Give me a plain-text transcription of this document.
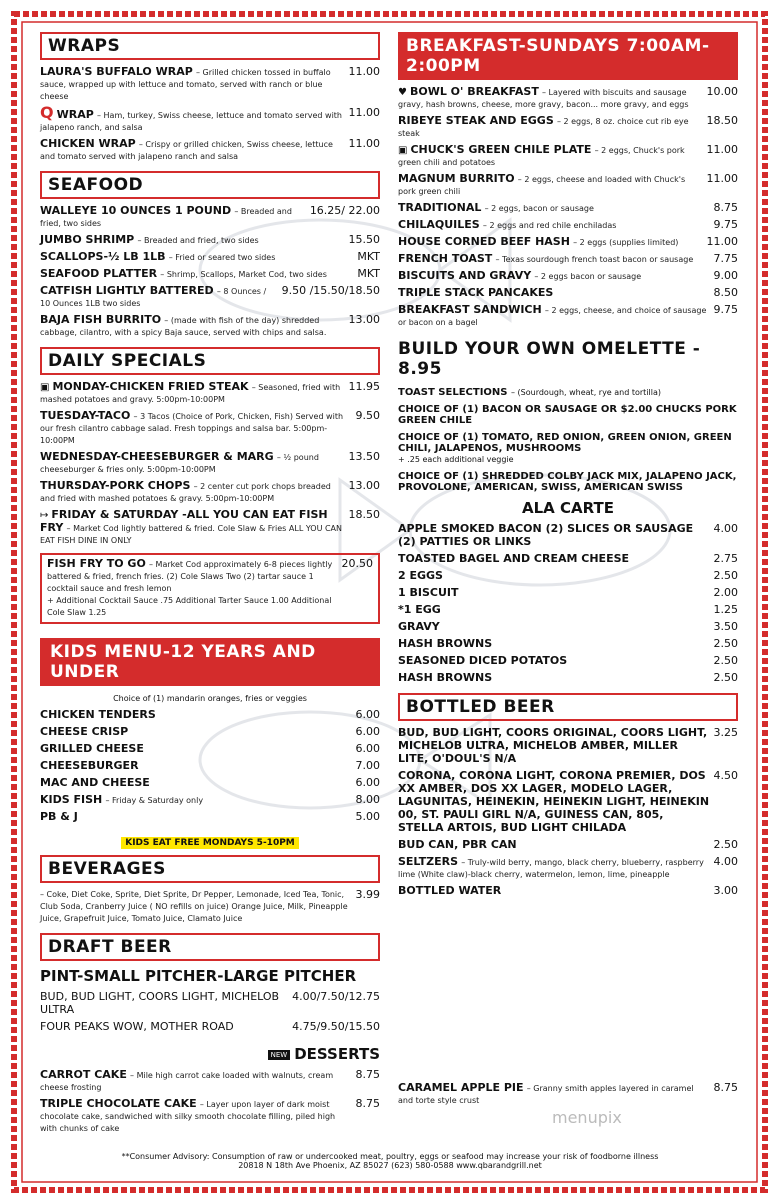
WRAPS
LAURA'S BUFFALO WRAP – Grilled chicken tossed in buffalo sauce, wrapped up with lettuce and tomato, served with ranch or blue cheese
11.00
Q WRAP – Ham, turkey, Swiss cheese, lettuce and tomato served with jalapeno ranch, and salsa
11.00
CHICKEN WRAP – Crispy or grilled chicken, Swiss cheese, lettuce and tomato served with jalapeno ranch and salsa
11.00
SEAFOOD
WALLEYE 10 OUNCES 1 POUND – Breaded and fried, two sides
16.25/ 22.00
JUMBO SHRIMP – Breaded and fried, two sides	15.50
SCALLOPS-½ LB 1LB – Fried or seared two sides	MKT
SEAFOOD PLATTER – Shrimp, Scallops, Market Cod, two sides	MKT
CATFISH LIGHTLY BATTERED – 8 Ounces / 10 Ounces 1LB two sides
9.50 /15.50/18.50
BAJA FISH BURRITO – (made with fish of the day) shredded cabbage, cilantro, with a spicy Baja sauce, served with chips and salsa.
13.00
DAILY SPECIALS
▣ MONDAY-CHICKEN FRIED STEAK – Seasoned, fried with mashed potatoes and gravy. 5:00pm-10:00PM
11.95
TUESDAY-TACO – 3 Tacos (Choice of Pork, Chicken, Fish) Served with our fresh cilantro cabbage salad. Fresh toppings and salsa bar. 5:00pm-10:00PM
9.50
WEDNESDAY-CHEESEBURGER & MARG – ½ pound cheeseburger & fries only. 5:00pm-10:00PM
13.50
THURSDAY-PORK CHOPS – 2 center cut pork chops breaded and fried with mashed potatoes & gravy. 5:00pm-10:00PM
13.00
↦ FRIDAY & SATURDAY -ALL YOU CAN EAT FISH FRY – Market Cod lightly battered & fried. Cole Slaw & Fries ALL YOU CAN EAT FISH DINE IN ONLY
18.50
FISH FRY TO GO – Market Cod approximately 6-8 pieces lightly battered & fried, french fries. (2) Cole Slaws Two (2) tartar sauce 1 cocktail sauce and fresh lemon
+ Additional Cocktail Sauce .75 Additional Tarter Sauce 1.00 Additional Cole Slaw 1.25
20.50
KIDS MENU-12 YEARS AND UNDER
Choice of (1) mandarin oranges, fries or veggies
CHICKEN TENDERS	6.00
CHEESE CRISP	6.00
GRILLED CHEESE	6.00
CHEESEBURGER	7.00
MAC AND CHEESE	6.00
KIDS FISH – Friday & Saturday only	8.00
PB & J	5.00
KIDS EAT FREE MONDAYS 5-10PM
BEVERAGES
– Coke, Diet Coke, Sprite, Diet Sprite, Dr Pepper, Lemonade, Iced Tea, Tonic, Club Soda, Cranberry Juice ( NO refills on juice) Orange Juice, Milk, Pineapple Juice, Grapefruit Juice, Tomato Juice, Clamato Juice
3.99
DRAFT BEER
PINT-SMALL PITCHER-LARGE PITCHER
BUD, BUD LIGHT, COORS LIGHT, MICHELOB ULTRA
4.00/7.50/12.75
FOUR PEAKS WOW, MOTHER ROAD	4.75/9.50/15.50
NEW DESSERTS
CARROT CAKE – Mile high carrot cake loaded with walnuts, cream cheese frosting
8.75
TRIPLE CHOCOLATE CAKE – Layer upon layer of dark moist chocolate cake, sandwiched with silky smooth chocolate filling, piled high with chunks of cake
8.75
BREAKFAST-SUNDAYS 7:00AM-2:00PM
♥ BOWL O' BREAKFAST – Layered with biscuits and sausage gravy, hash browns, cheese, more gravy, bacon... more gravy, and eggs
10.00
RIBEYE STEAK AND EGGS – 2 eggs, 8 oz. choice cut rib eye steak
18.50
▣ CHUCK'S GREEN CHILE PLATE – 2 eggs, Chuck's pork green chili and potatoes
11.00
MAGNUM BURRITO – 2 eggs, cheese and loaded with Chuck's pork green chili
11.00
TRADITIONAL – 2 eggs, bacon or sausage	8.75
CHILAQUILES – 2 eggs and red chile enchiladas	9.75
HOUSE CORNED BEEF HASH – 2 eggs (supplies limited)	11.00
FRENCH TOAST – Texas sourdough french toast bacon or sausage	7.75
BISCUITS AND GRAVY – 2 eggs bacon or sausage	9.00
TRIPLE STACK PANCAKES	8.50
BREAKFAST SANDWICH – 2 eggs, cheese, and choice of sausage or bacon on a bagel
9.75
BUILD YOUR OWN OMELETTE - 8.95
TOAST SELECTIONS – (Sourdough, wheat, rye and tortilla)
CHOICE OF (1) BACON OR SAUSAGE OR $2.00 CHUCKS PORK GREEN CHILE
CHOICE OF (1) TOMATO, RED ONION, GREEN ONION, GREEN CHILI, JALAPENOS, MUSHROOMS
+ .25 each additional veggie
CHOICE OF (1) SHREDDED COLBY JACK MIX, JALAPENO JACK, PROVOLONE, AMERICAN, SWISS, AMERICAN SWISS
ALA CARTE
APPLE SMOKED BACON (2) SLICES OR SAUSAGE (2) PATTIES OR LINKS
4.00
TOASTED BAGEL AND CREAM CHEESE	2.75
2 EGGS	2.50
1 BISCUIT	2.00
*1 EGG	1.25
GRAVY	3.50
HASH BROWNS	2.50
SEASONED DICED POTATOS	2.50
HASH BROWNS	2.50
BOTTLED BEER
BUD, BUD LIGHT, COORS ORIGINAL, COORS LIGHT, MICHELOB ULTRA, MICHELOB AMBER, MILLER LITE, O'DOUL'S N/A
3.25
CORONA, CORONA LIGHT, CORONA PREMIER, DOS XX AMBER, DOS XX LAGER, MODELO LAGER, LAGUNITAS, HEINEKIN, HEINEKIN LIGHT, HEINEKIN 00, ST. PAULI GIRL N/A, GUINESS CAN, 805, STELLA ARTOIS, BUD LIGHT CHILADA
4.50
BUD CAN, PBR CAN	2.50
SELTZERS – Truly-wild berry, mango, black cherry, blueberry, raspberry lime (White claw)-black cherry, watermelon, lemon, lime, pineapple
4.00
BOTTLED WATER	3.00
CARAMEL APPLE PIE – Granny smith apples layered in caramel and torte style crust
8.75
menupix
**Consumer Advisory: Consumption of raw or undercooked meat, poultry, eggs or seafood may increase your risk of foodborne illness
20818 N 18th Ave Phoenix, AZ 85027 (623) 580-0588 www.qbarandgrill.net
